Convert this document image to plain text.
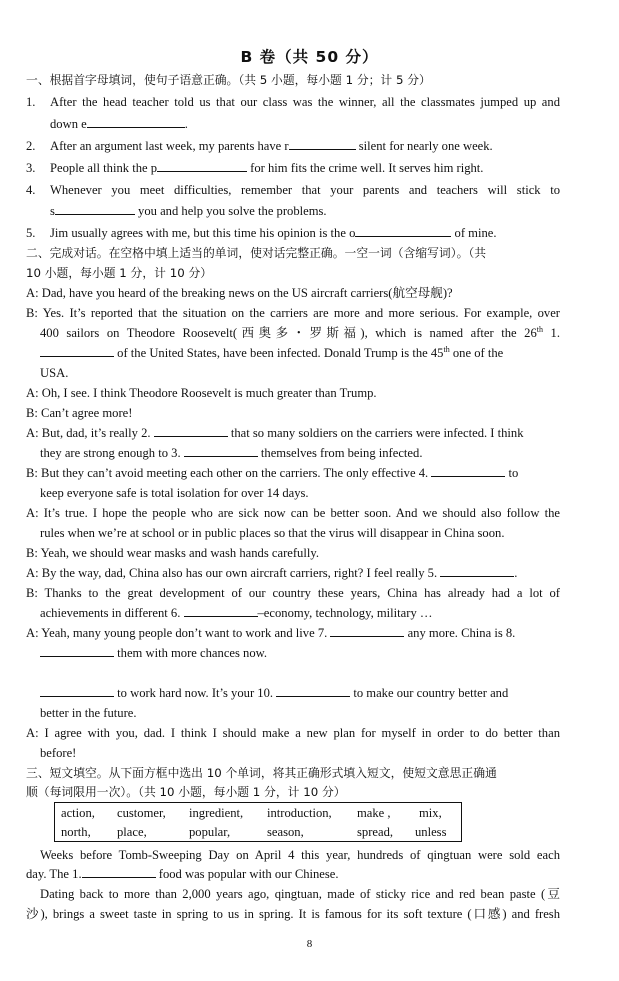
B 卷（共 50 分）
一、根据首字母填词，使句子语意正确。（共 5 小题，每小题 1 分；计 5 分）
1. After the head teacher told us that our class was the winner, all the classmates jumped up and
down e	.
2. After an argument last week, my parents have r	silent for nearly one week.
3. People all think the p	for him fits the crime well. It serves him right.
4. Whenever you meet difficulties, remember that your parents and teachers will stick to
s	you and help you solve the problems.
5. Jim usually agrees with me, but this time his opinion is the o	of mine.
二、完成对话。在空格中填上适当的单词，使对话完整正确。一空一词（含缩写词）。（共
10 小题，每小题 1 分，计 10 分）
A: Dad, have you heard of the breaking news on the US aircraft carriers(航空母舰)?
B: Yes. It’s reported that the situation on the carriers are more and more serious. For example, over
400 sailors on Theodore Roosevelt(西奥多・罗斯福), which is named after the 26th 1.
of the United States, have been infected. Donald Trump is the 45th one of the
USA.
A: Oh, I see. I think Theodore Roosevelt is much greater than Trump.
B: Can’t agree more!
A: But, dad, it’s really 2.	that so many soldiers on the carriers were infected. I think
they are strong enough to 3.	themselves from being infected.
B: But they can’t avoid meeting each other on the carriers. The only effective 4.	to
keep everyone safe is total isolation for over 14 days.
A: It’s true. I hope the people who are sick now can be better soon. And we should also follow the
rules when we’re at school or in public places so that the virus will disappear in China soon.
B: Yeah, we should wear masks and wash hands carefully.
A: By the way, dad, China also has our own aircraft carriers, right? I feel really 5.	.
B: Thanks to the great development of our country these years, China has already had a lot of
achievements in different 6.	–economy, technology, military …
A: Yeah, many young people don’t want to work and live 7.	any more. China is 8.
them with more chances now.
to work hard now. It’s your 10.	to make our country better and
better in the future.
A: I agree with you, dad. I think I should make a new plan for myself in order to do better than
before!
三、短文填空。从下面方框中选出 10 个单词，将其正确形式填入短文，使短文意思正确通
顺（每词限用一次）。（共 10 小题，每小题 1 分，计 10 分）
action, customer, ingredient, introduction, make , mix,
north, place,	popular,	season,	spread, unless
Weeks before Tomb-Sweeping Day on April 4 this year, hundreds of qingtuan were sold each
day. The 1.	food was popular with our Chinese.
Dating back to more than 2,000 years ago, qingtuan, made of sticky rice and red bean paste (豆
沙), brings a sweet taste in spring to us in spring. It is famous for its soft texture (口感) and fresh
8
